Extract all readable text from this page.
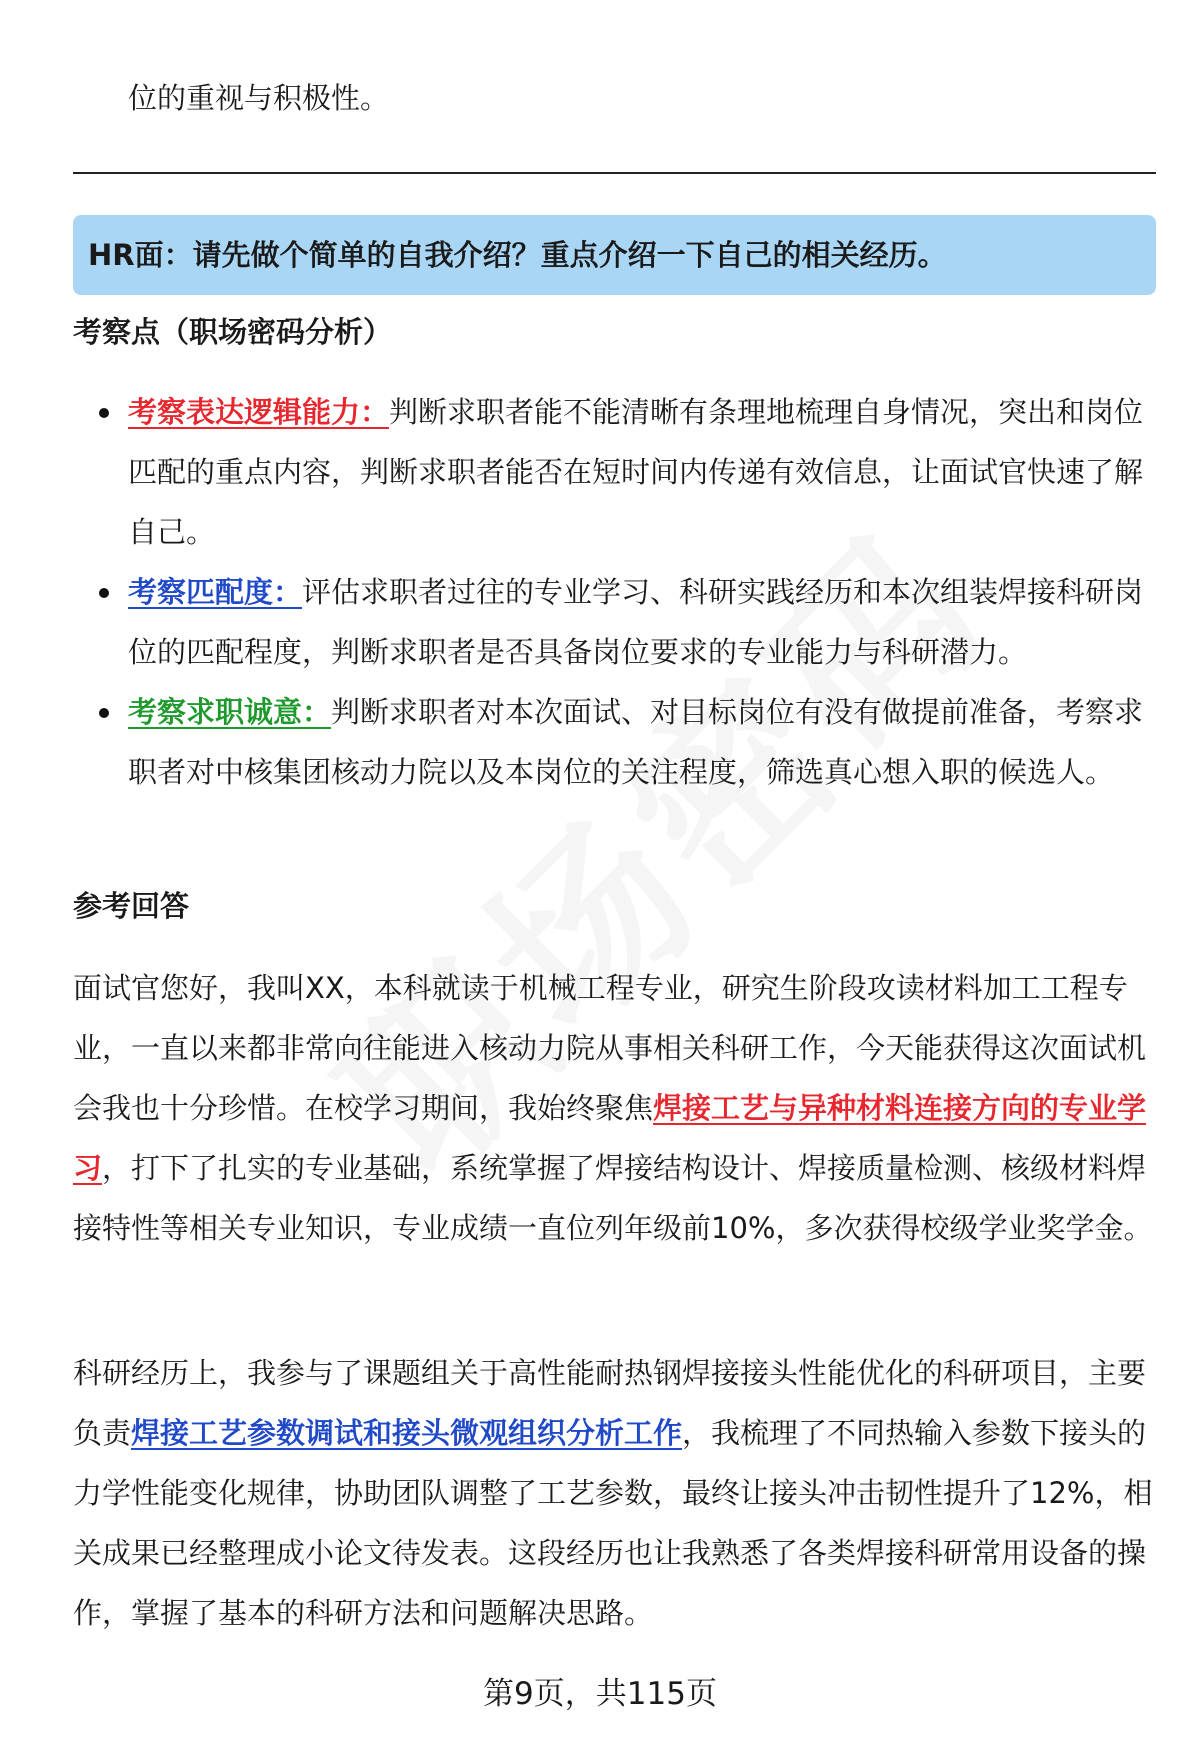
位的重视与积极性。
HR面：请先做个简单的自我介绍？重点介绍一下自己的相关经历。
考察点（职场密码分析）
考察表达逻辑能力：判断求职者能不能清晰有条理地梳理自身情况，突出和岗位匹配的重点内容，判断求职者能否在短时间内传递有效信息，让面试官快速了解自己。
考察匹配度：评估求职者过往的专业学习、科研实践经历和本次组装焊接科研岗位的匹配程度，判断求职者是否具备岗位要求的专业能力与科研潜力。
考察求职诚意：判断求职者对本次面试、对目标岗位有没有做提前准备，考察求职者对中核集团核动力院以及本岗位的关注程度，筛选真心想入职的候选人。
参考回答

面试官您好，我叫XX，本科就读于机械工程专业，研究生阶段攻读材料加工工程专业，一直以来都非常向往能进入核动力院从事相关科研工作，今天能获得这次面试机会我也十分珍惜。在校学习期间，我始终聚焦焊接工艺与异种材料连接方向的专业学习，打下了扎实的专业基础，系统掌握了焊接结构设计、焊接质量检测、核级材料焊接特性等相关专业知识，专业成绩一直位列年级前10%，多次获得校级学业奖学金。

科研经历上，我参与了课题组关于高性能耐热钢焊接接头性能优化的科研项目，主要负责焊接工艺参数调试和接头微观组织分析工作，我梳理了不同热输入参数下接头的力学性能变化规律，协助团队调整了工艺参数，最终让接头冲击韧性提升了12%，相关成果已经整理成小论文待发表。这段经历也让我熟悉了各类焊接科研常用设备的操作，掌握了基本的科研方法和问题解决思路。

第9页，共115页
